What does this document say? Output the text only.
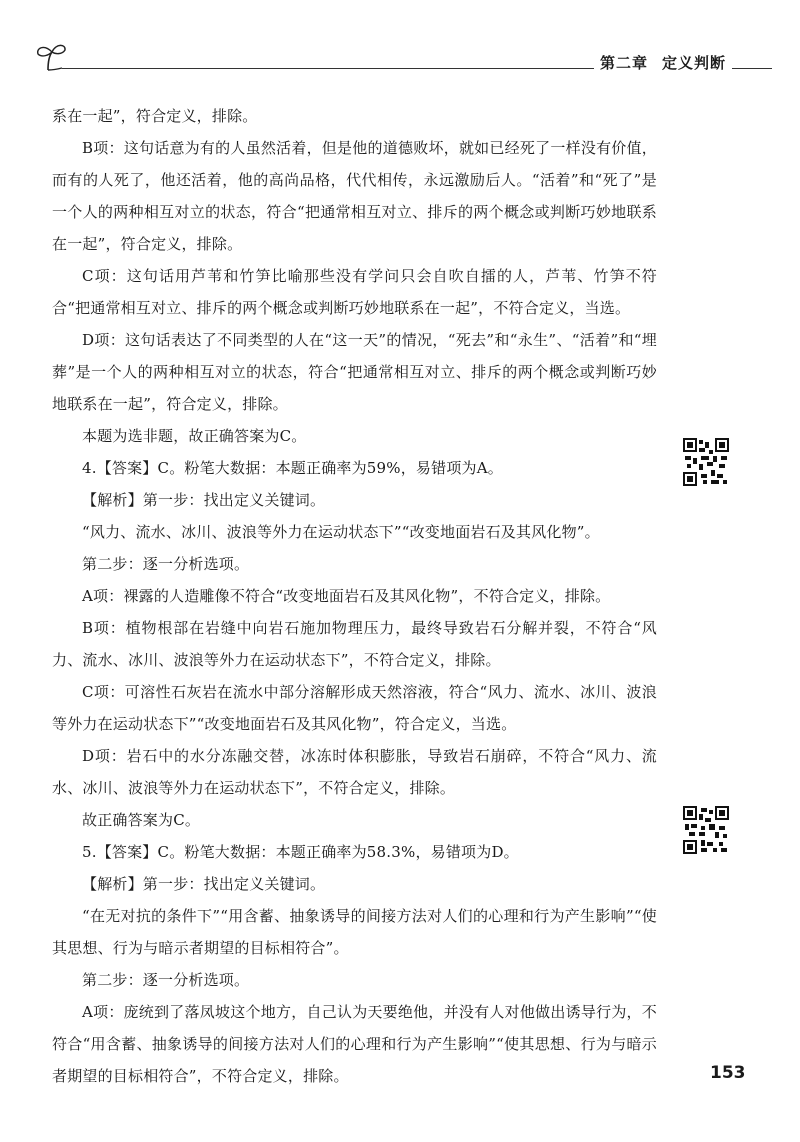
第二章 定义判断

系在一起”，符合定义，排除。

B项：这句话意为有的人虽然活着，但是他的道德败坏，就如已经死了一样没有价值，而有的人死了，他还活着，他的高尚品格，代代相传，永远激励后人。“活着”和“死了”是一个人的两种相互对立的状态，符合“把通常相互对立、排斥的两个概念或判断巧妙地联系在一起”，符合定义，排除。

C项：这句话用芦苇和竹笋比喻那些没有学问只会自吹自擂的人，芦苇、竹笋不符合“把通常相互对立、排斥的两个概念或判断巧妙地联系在一起”，不符合定义，当选。

D项：这句话表达了不同类型的人在“这一天”的情况，“死去”和“永生”、“活着”和“埋葬”是一个人的两种相互对立的状态，符合“把通常相互对立、排斥的两个概念或判断巧妙地联系在一起”，符合定义，排除。

本题为选非题，故正确答案为C。

4.【答案】C。粉笔大数据：本题正确率为59%，易错项为A。

【解析】第一步：找出定义关键词。

“风力、流水、冰川、波浪等外力在运动状态下”“改变地面岩石及其风化物”。

第二步：逐一分析选项。

A项：裸露的人造雕像不符合“改变地面岩石及其风化物”，不符合定义，排除。

B项：植物根部在岩缝中向岩石施加物理压力，最终导致岩石分解并裂，不符合“风力、流水、冰川、波浪等外力在运动状态下”，不符合定义，排除。

C项：可溶性石灰岩在流水中部分溶解形成天然溶液，符合“风力、流水、冰川、波浪等外力在运动状态下”“改变地面岩石及其风化物”，符合定义，当选。

D项：岩石中的水分冻融交替，冰冻时体积膨胀，导致岩石崩碎，不符合“风力、流水、冰川、波浪等外力在运动状态下”，不符合定义，排除。

故正确答案为C。

5.【答案】C。粉笔大数据：本题正确率为58.3%，易错项为D。

【解析】第一步：找出定义关键词。

“在无对抗的条件下”“用含蓄、抽象诱导的间接方法对人们的心理和行为产生影响”“使其思想、行为与暗示者期望的目标相符合”。

第二步：逐一分析选项。

A项：庞统到了落凤坡这个地方，自己认为天要绝他，并没有人对他做出诱导行为，不符合“用含蓄、抽象诱导的间接方法对人们的心理和行为产生影响”“使其思想、行为与暗示者期望的目标相符合”，不符合定义，排除。	153
